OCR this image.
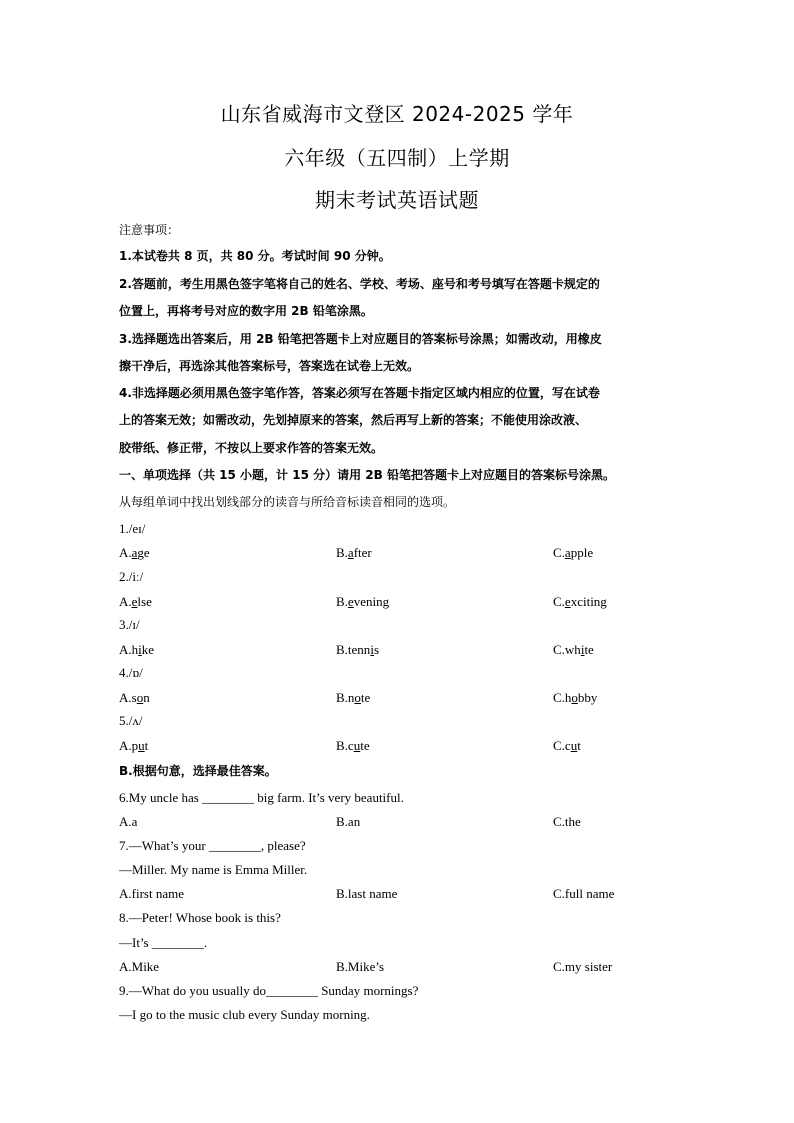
山东省威海市文登区 2024-2025 学年
六年级（五四制）上学期
期末考试英语试题
注意事项：
1.本试卷共 8 页，共 80 分。考试时间 90 分钟。
2.答题前，考生用黑色签字笔将自己的姓名、学校、考场、座号和考号填写在答题卡规定的
位置上，再将考号对应的数字用 2B 铅笔涂黑。
3.选择题选出答案后，用 2B 铅笔把答题卡上对应题目的答案标号涂黑；如需改动，用橡皮
擦干净后，再选涂其他答案标号，答案选在试卷上无效。
4.非选择题必须用黑色签字笔作答，答案必须写在答题卡指定区域内相应的位置，写在试卷
上的答案无效；如需改动，先划掉原来的答案，然后再写上新的答案；不能使用涂改液、
胶带纸、修正带，不按以上要求作答的答案无效。
一、单项选择（共 15 小题，计 15 分）请用 2B 铅笔把答题卡上对应题目的答案标号涂黑。
从每组单词中找出划线部分的读音与所给音标读音相同的选项。
1./eɪ/
A.age	B.after	C.apple
2./iː/
A.else	B.evening	C.exciting
3./ɪ/
A.hike	B.tennis	C.white
4./ɒ/
A.son	B.note	C.hobby
5./ʌ/
A.put	B.cute	C.cut
B.根据句意，选择最佳答案。
6.My uncle has ________ big farm. It’s very beautiful.
A.a	B.an	C.the
7.—What’s your ________, please?
—Miller. My name is Emma Miller.
A.first name	B.last name	C.full name
8.—Peter! Whose book is this?
—It’s ________.
A.Mike	B.Mike’s	C.my sister
9.—What do you usually do________ Sunday mornings?
—I go to the music club every Sunday morning.
